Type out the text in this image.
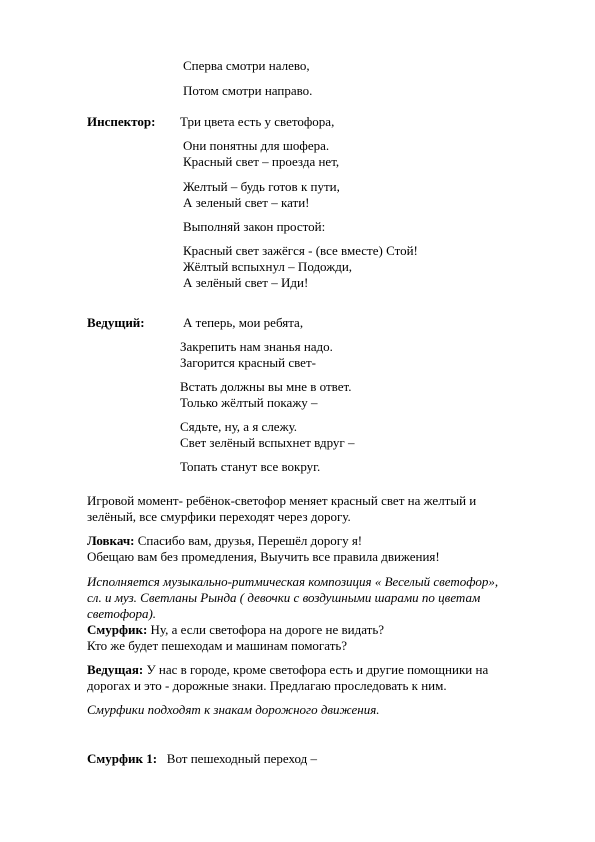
Сперва смотри налево,
Потом смотри направо.
Инспектор: Три цвета есть у светофора,
Они понятны для шофера.
Красный свет – проезда нет,
Желтый – будь готов к пути,
А зеленый свет – кати!
Выполняй закон простой:
Красный свет зажёгся - (все вместе) Стой!
Жёлтый вспыхнул – Подожди,
А зелёный свет – Иди!
Ведущий:	А теперь, мои ребята,
Закрепить нам знанья надо.
Загорится красный свет-
Встать должны вы мне в ответ.
Только жёлтый покажу –
Сядьте, ну, а я слежу.
Свет зелёный вспыхнет вдруг –
Топать станут все вокруг.
Игровой момент- ребёнок-светофор меняет красный свет на желтый и
зелёный, все смурфики переходят через дорогу.
Ловкач: Спасибо вам, друзья, Перешёл дорогу я!
Обещаю вам без промедления, Выучить все правила движения!
Исполняется музыкально-ритмическая композиция « Веселый светофор»,
сл. и муз. Светланы Рында ( девочки с воздушными шарами по цветам
светофора).
Смурфик: Ну, а если светофора на дороге не видать?
Кто же будет пешеходам и машинам помогать?
Ведущая: У нас в городе, кроме светофора есть и другие помощники на
дорогах и это - дорожные знаки. Предлагаю проследовать к ним.
Смурфики подходят к знакам дорожного движения.
Смурфик 1:   Вот пешеходный переход –
